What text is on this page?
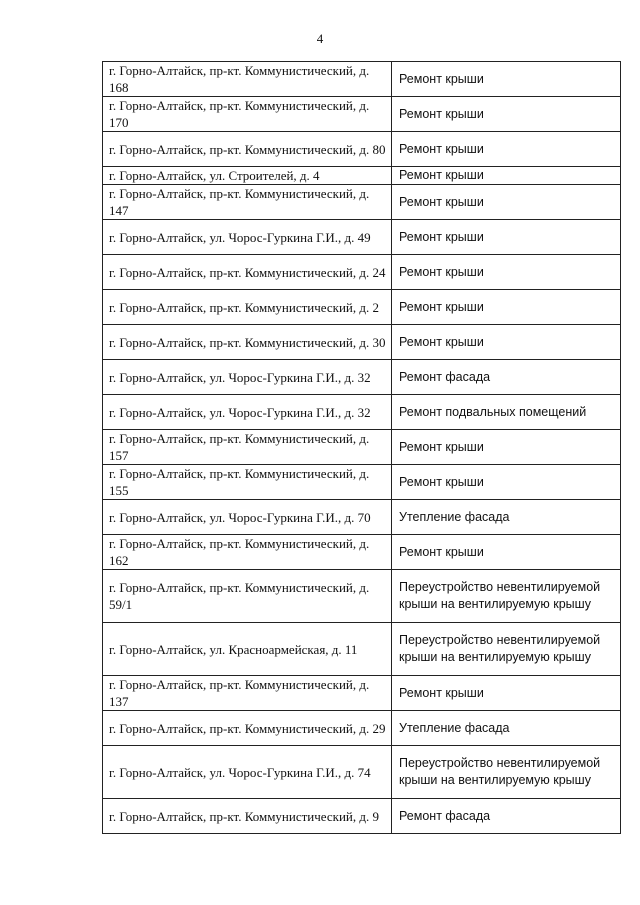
4
г. Горно-Алтайск, пр-кт. Коммунистический, д. 168	Ремонт крыши
г. Горно-Алтайск, пр-кт. Коммунистический, д. 170	Ремонт крыши
г. Горно-Алтайск, пр-кт. Коммунистический, д. 80	Ремонт крыши
г. Горно-Алтайск, ул. Строителей, д. 4	Ремонт крыши
г. Горно-Алтайск, пр-кт. Коммунистический, д. 147	Ремонт крыши
г. Горно-Алтайск, ул. Чорос-Гуркина Г.И., д. 49	Ремонт крыши
г. Горно-Алтайск, пр-кт. Коммунистический, д. 24	Ремонт крыши
г. Горно-Алтайск, пр-кт. Коммунистический, д. 2	Ремонт крыши
г. Горно-Алтайск, пр-кт. Коммунистический, д. 30	Ремонт крыши
г. Горно-Алтайск, ул. Чорос-Гуркина Г.И., д. 32	Ремонт фасада
г. Горно-Алтайск, ул. Чорос-Гуркина Г.И., д. 32	Ремонт подвальных помещений
г. Горно-Алтайск, пр-кт. Коммунистический, д. 157	Ремонт крыши
г. Горно-Алтайск, пр-кт. Коммунистический, д. 155	Ремонт крыши
г. Горно-Алтайск, ул. Чорос-Гуркина Г.И., д. 70	Утепление фасада
г. Горно-Алтайск, пр-кт. Коммунистический, д. 162	Ремонт крыши
г. Горно-Алтайск, пр-кт. Коммунистический, д. 59/1	Переустройство невентилируемой крыши на вентилируемую крышу
г. Горно-Алтайск, ул. Красноармейская, д. 11	Переустройство невентилируемой крыши на вентилируемую крышу
г. Горно-Алтайск, пр-кт. Коммунистический, д. 137	Ремонт крыши
г. Горно-Алтайск, пр-кт. Коммунистический, д. 29	Утепление фасада
г. Горно-Алтайск, ул. Чорос-Гуркина Г.И., д. 74	Переустройство невентилируемой крыши на вентилируемую крышу
г. Горно-Алтайск, пр-кт. Коммунистический, д. 9	Ремонт фасада
